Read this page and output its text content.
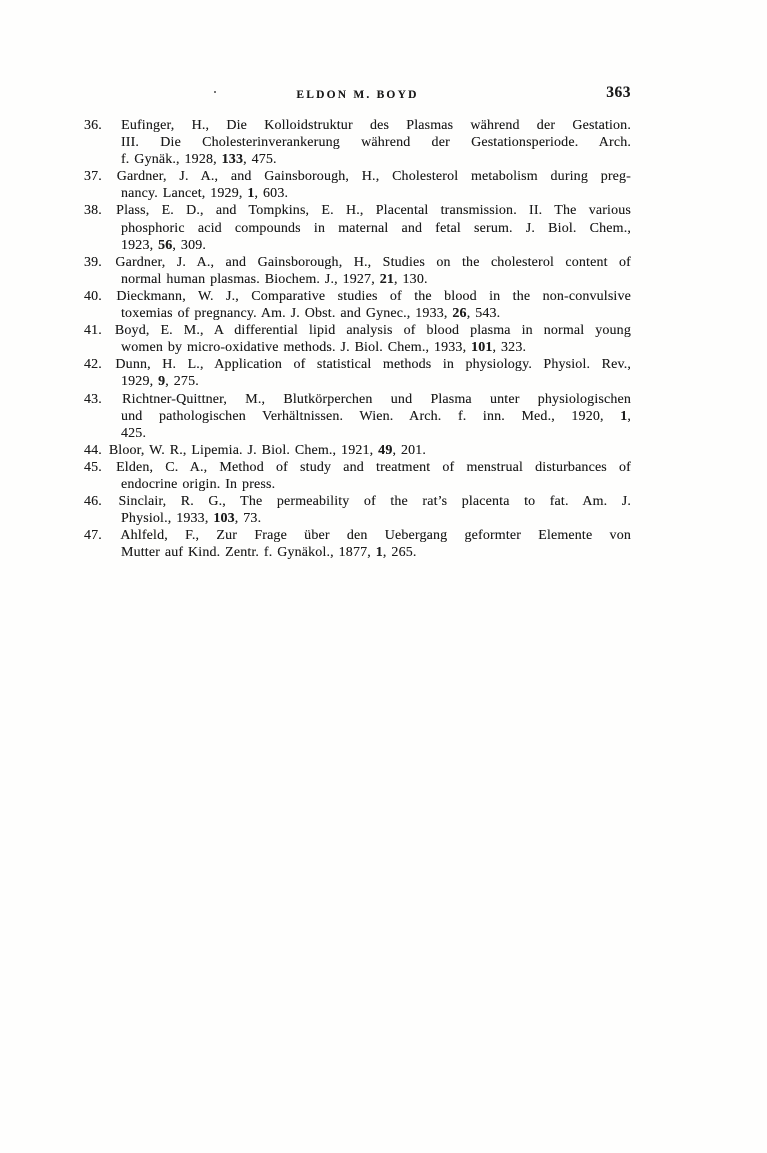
ELDON M. BOYD	363
36. Eufinger, H., Die Kolloidstruktur des Plasmas während der Gestation.
III. Die Cholesterinverankerung während der Gestationsperiode. Arch.
f. Gynäk., 1928, 133, 475.
37. Gardner, J. A., and Gainsborough, H., Cholesterol metabolism during preg-
nancy. Lancet, 1929, 1, 603.
38. Plass, E. D., and Tompkins, E. H., Placental transmission. II. The various
phosphoric acid compounds in maternal and fetal serum. J. Biol. Chem.,
1923, 56, 309.
39. Gardner, J. A., and Gainsborough, H., Studies on the cholesterol content of
normal human plasmas. Biochem. J., 1927, 21, 130.
40. Dieckmann, W. J., Comparative studies of the blood in the non-convulsive
toxemias of pregnancy. Am. J. Obst. and Gynec., 1933, 26, 543.
41. Boyd, E. M., A differential lipid analysis of blood plasma in normal young
women by micro-oxidative methods. J. Biol. Chem., 1933, 101, 323.
42. Dunn, H. L., Application of statistical methods in physiology. Physiol. Rev.,
1929, 9, 275.
43. Richtner-Quittner, M., Blutkörperchen und Plasma unter physiologischen
und pathologischen Verhältnissen. Wien. Arch. f. inn. Med., 1920, 1,
425.
44. Bloor, W. R., Lipemia. J. Biol. Chem., 1921, 49, 201.
45. Elden, C. A., Method of study and treatment of menstrual disturbances of
endocrine origin. In press.
46. Sinclair, R. G., The permeability of the rat’s placenta to fat. Am. J.
Physiol., 1933, 103, 73.
47. Ahlfeld, F., Zur Frage über den Uebergang geformter Elemente von
Mutter auf Kind. Zentr. f. Gynäkol., 1877, 1, 265.
